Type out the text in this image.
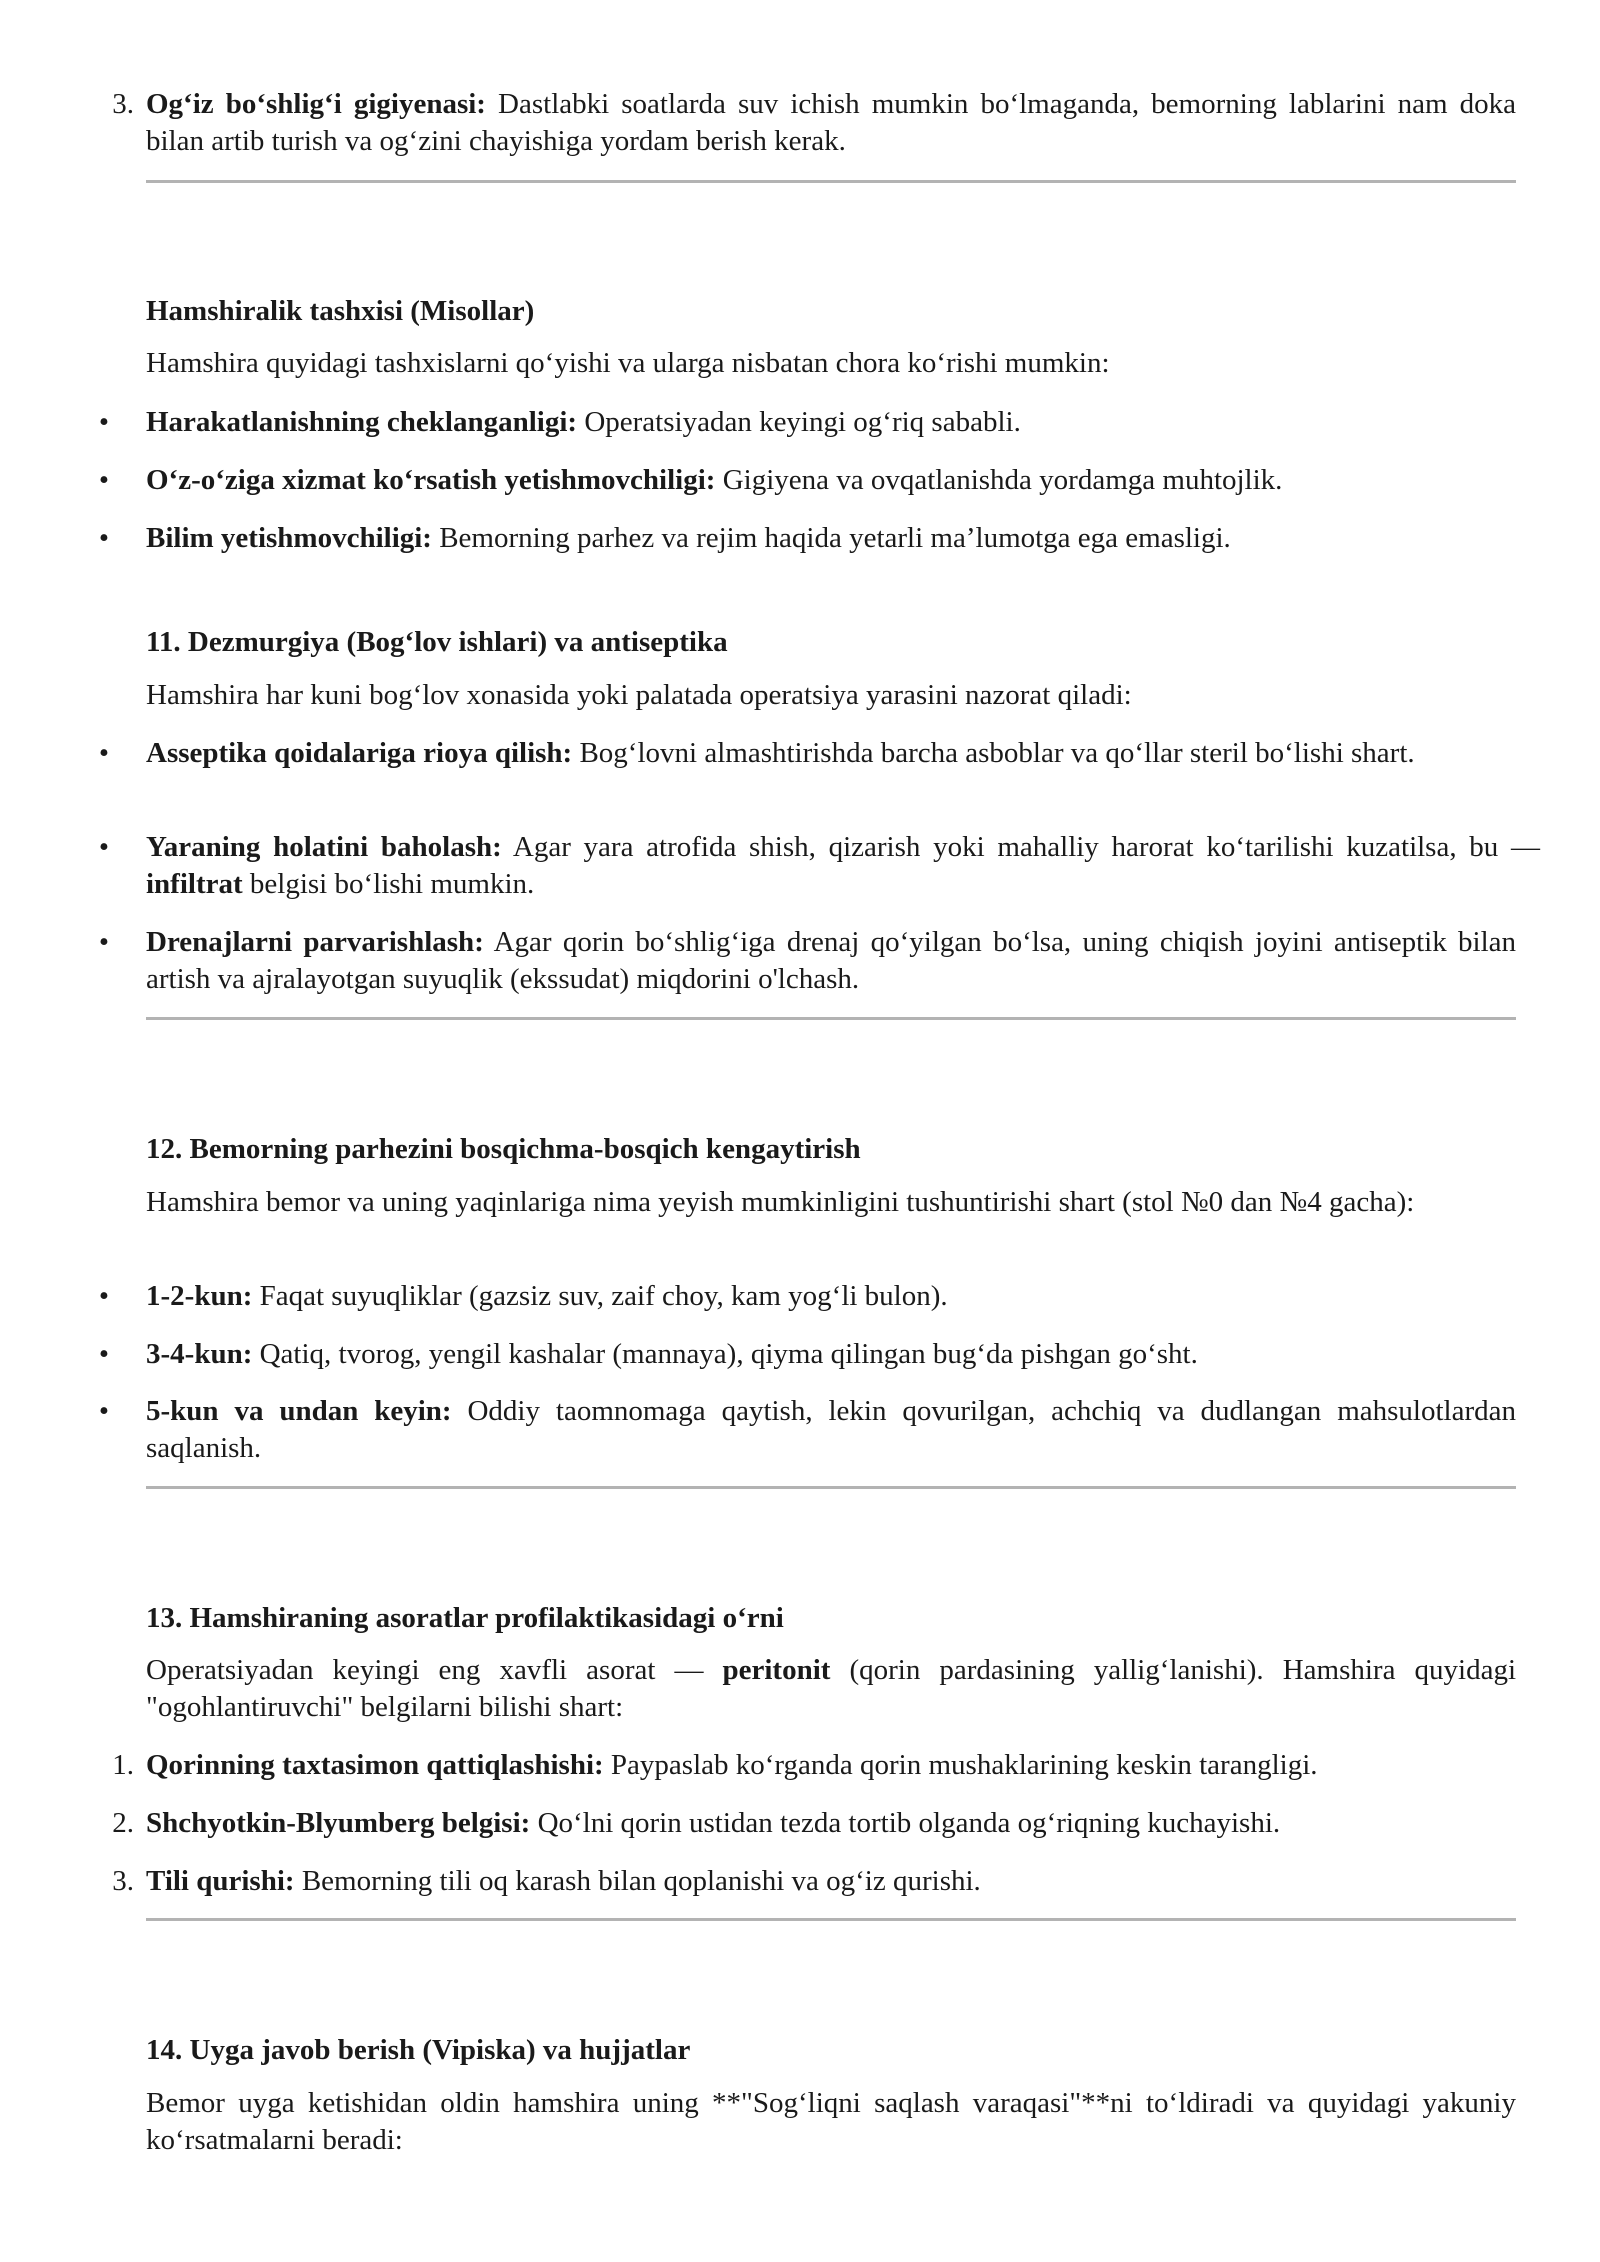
3. Og‘iz bo‘shlig‘i gigiyenasi: Dastlabki soatlarda suv ichish mumkin bo‘lmaganda, bemorning lablarini nam doka bilan artib turish va og‘zini chayishiga yordam berish kerak.
Hamshiralik tashxisi (Misollar)
Hamshira quyidagi tashxislarni qo‘yishi va ularga nisbatan chora ko‘rishi mumkin:
• Harakatlanishning cheklanganligi: Operatsiyadan keyingi og‘riq sababli.
• O‘z-o‘ziga xizmat ko‘rsatish yetishmovchiligi: Gigiyena va ovqatlanishda yordamga muhtojlik.
• Bilim yetishmovchiligi: Bemorning parhez va rejim haqida yetarli ma’lumotga ega emasligi.
11. Dezmurgiya (Bog‘lov ishlari) va antiseptika
Hamshira har kuni bog‘lov xonasida yoki palatada operatsiya yarasini nazorat qiladi:
• Asseptika qoidalariga rioya qilish: Bog‘lovni almashtirishda barcha asboblar va qo‘llar steril bo‘lishi shart.
• Yaraning holatini baholash: Agar yara atrofida shish, qizarish yoki mahalliy harorat ko‘tarilishi kuzatilsa, bu — infiltrat belgisi bo‘lishi mumkin.
• Drenajlarni parvarishlash: Agar qorin bo‘shlig‘iga drenaj qo‘yilgan bo‘lsa, uning chiqish joyini antiseptik bilan artish va ajralayotgan suyuqlik (ekssudat) miqdorini o'lchash.
12. Bemorning parhezini bosqichma-bosqich kengaytirish
Hamshira bemor va uning yaqinlariga nima yeyish mumkinligini tushuntirishi shart (stol №0 dan №4 gacha):
• 1-2-kun: Faqat suyuqliklar (gazsiz suv, zaif choy, kam yog‘li bulon).
• 3-4-kun: Qatiq, tvorog, yengil kashalar (mannaya), qiyma qilingan bug‘da pishgan go‘sht.
• 5-kun va undan keyin: Oddiy taomnomaga qaytish, lekin qovurilgan, achchiq va dudlangan mahsulotlardan saqlanish.
13. Hamshiraning asoratlar profilaktikasidagi o‘rni
Operatsiyadan keyingi eng xavfli asorat — peritonit (qorin pardasining yallig‘lanishi). Hamshira quyidagi "ogohlantiruvchi" belgilarni bilishi shart:
1. Qorinning taxtasimon qattiqlashishi: Paypaslab ko‘rganda qorin mushaklarining keskin tarangligi.
2. Shchyotkin-Blyumberg belgisi: Qo‘lni qorin ustidan tezda tortib olganda og‘riqning kuchayishi.
3. Tili qurishi: Bemorning tili oq karash bilan qoplanishi va og‘iz qurishi.
14. Uyga javob berish (Vipiska) va hujjatlar
Bemor uyga ketishidan oldin hamshira uning **"Sog‘liqni saqlash varaqasi"**ni to‘ldiradi va quyidagi yakuniy ko‘rsatmalarni beradi:
